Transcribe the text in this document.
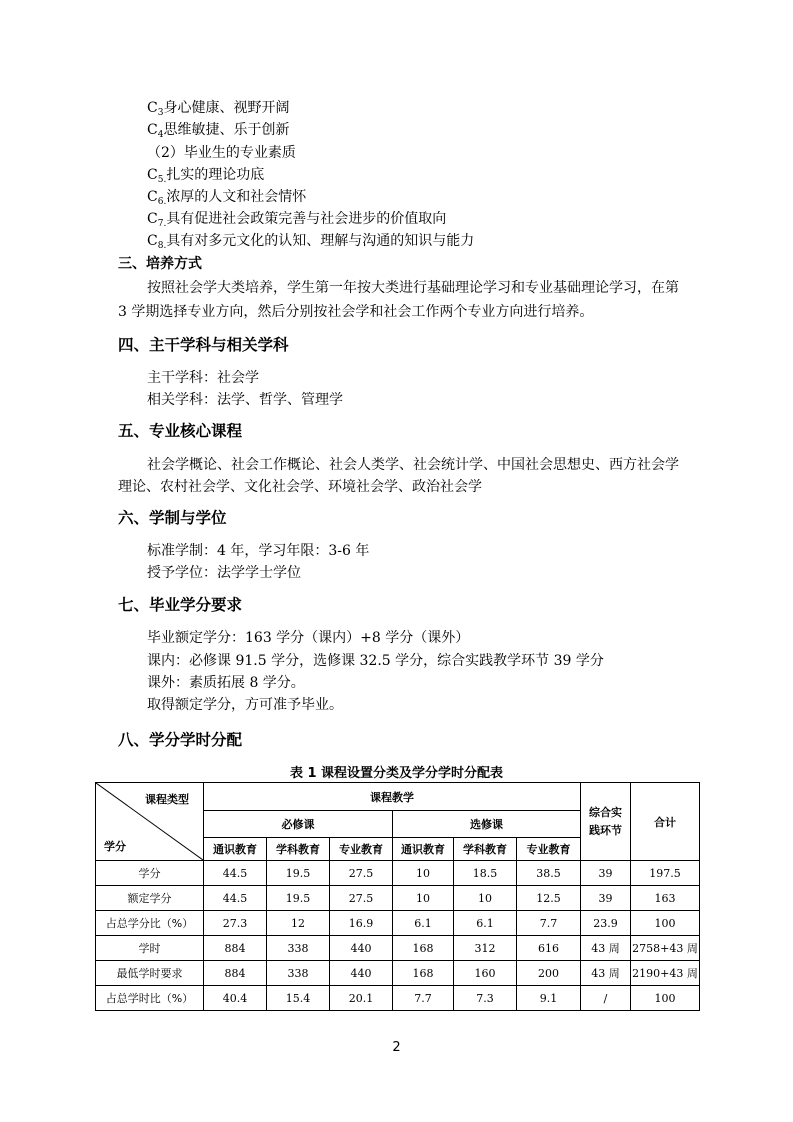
$C_3$身心健康、视野开阔
$C_4$思维敏捷、乐于创新
（2）毕业生的专业素质
$C_{5.}$扎实的理论功底
$C_{6.}$浓厚的人文和社会情怀
$C_{7.}$具有促进社会政策完善与社会进步的价值取向
$C_{8.}$具有对多元文化的认知、理解与沟通的知识与能力
三、培养方式
按照社会学大类培养，学生第一年按大类进行基础理论学习和专业基础理论学习，在第
3 学期选择专业方向，然后分别按社会学和社会工作两个专业方向进行培养。
四、主干学科与相关学科
主干学科：社会学
相关学科：法学、哲学、管理学
五、专业核心课程
社会学概论、社会工作概论、社会人类学、社会统计学、中国社会思想史、西方社会学
理论、农村社会学、文化社会学、环境社会学、政治社会学
六、学制与学位
标准学制：4 年，学习年限：3-6 年
授予学位：法学学士学位
七、毕业学分要求
毕业额定学分：163 学分（课内）+8 学分（课外）
课内：必修课 91.5 学分，选修课 32.5 学分，综合实践教学环节 39 学分
课外：素质拓展 8 学分。
取得额定学分，方可准予毕业。
八、学分学时分配
表 1 课程设置分类及学分学时分配表
课程类型
学分	课程教学						综合实践环节	合计
	必修课			选修课				
	通识教育	学科教育	专业教育	通识教育	学科教育	专业教育		
学分	44.5	19.5	27.5	10	18.5	38.5	39	197.5
额定学分	44.5	19.5	27.5	10	10	12.5	39	163
占总学分比（%）	27.3	12	16.9	6.1	6.1	7.7	23.9	100
学时	884	338	440	168	312	616	43 周	2758+43 周
最低学时要求	884	338	440	168	160	200	43 周	2190+43 周
占总学时比（%）	40.4	15.4	20.1	7.7	7.3	9.1	/	100
2
